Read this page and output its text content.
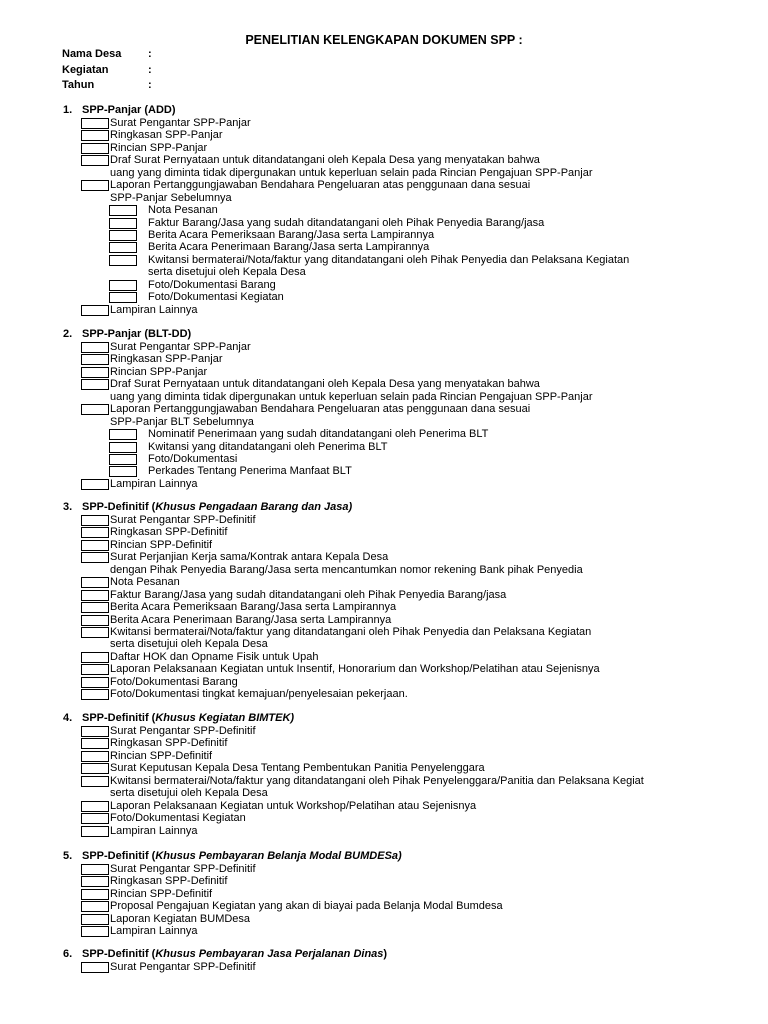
PENELITIAN KELENGKAPAN DOKUMEN SPP :
Nama Desa :
Kegiatan	:
Tahun	:
1. SPP-Panjar (ADD)
Surat Pengantar SPP-Panjar
Ringkasan SPP-Panjar
Rincian SPP-Panjar
Draf Surat Pernyataan untuk ditandatangani oleh Kepala Desa yang menyatakan bahwa
uang yang diminta tidak dipergunakan untuk keperluan selain pada Rincian Pengajuan SPP-Panjar
Laporan Pertanggungjawaban Bendahara Pengeluaran atas penggunaan dana sesuai
SPP-Panjar Sebelumnya
Nota Pesanan
Faktur Barang/Jasa yang sudah ditandatangani oleh Pihak Penyedia Barang/jasa
Berita Acara Pemeriksaan Barang/Jasa serta Lampirannya
Berita Acara Penerimaan Barang/Jasa serta Lampirannya
Kwitansi bermaterai/Nota/faktur yang ditandatangani oleh Pihak Penyedia dan Pelaksana Kegiatan
serta disetujui oleh Kepala Desa
Foto/Dokumentasi Barang
Foto/Dokumentasi Kegiatan
Lampiran Lainnya
2. SPP-Panjar (BLT-DD)
Surat Pengantar SPP-Panjar
Ringkasan SPP-Panjar
Rincian SPP-Panjar
Draf Surat Pernyataan untuk ditandatangani oleh Kepala Desa yang menyatakan bahwa
uang yang diminta tidak dipergunakan untuk keperluan selain pada Rincian Pengajuan SPP-Panjar
Laporan Pertanggungjawaban Bendahara Pengeluaran atas penggunaan dana sesuai
SPP-Panjar BLT Sebelumnya
Nominatif Penerimaan yang sudah ditandatangani oleh Penerima BLT
Kwitansi yang ditandatangani oleh Penerima BLT
Foto/Dokumentasi
Perkades Tentang Penerima Manfaat BLT
Lampiran Lainnya
3. SPP-Definitif (Khusus Pengadaan Barang dan Jasa)
Surat Pengantar SPP-Definitif
Ringkasan SPP-Definitif
Rincian SPP-Definitif
Surat Perjanjian Kerja sama/Kontrak antara Kepala Desa
dengan Pihak Penyedia Barang/Jasa serta mencantumkan nomor rekening Bank pihak Penyedia
Nota Pesanan
Faktur Barang/Jasa yang sudah ditandatangani oleh Pihak Penyedia Barang/jasa
Berita Acara Pemeriksaan Barang/Jasa serta Lampirannya
Berita Acara Penerimaan Barang/Jasa serta Lampirannya
Kwitansi bermaterai/Nota/faktur yang ditandatangani oleh Pihak Penyedia dan Pelaksana Kegiatan
serta disetujui oleh Kepala Desa
Daftar HOK dan Opname Fisik untuk Upah
Laporan Pelaksanaan Kegiatan untuk Insentif, Honorarium dan Workshop/Pelatihan atau Sejenisnya
Foto/Dokumentasi Barang
Foto/Dokumentasi tingkat kemajuan/penyelesaian pekerjaan.
4. SPP-Definitif (Khusus Kegiatan BIMTEK)
Surat Pengantar SPP-Definitif
Ringkasan SPP-Definitif
Rincian SPP-Definitif
Surat Keputusan Kepala Desa Tentang Pembentukan Panitia Penyelenggara
Kwitansi bermaterai/Nota/faktur yang ditandatangani oleh Pihak Penyelenggara/Panitia dan Pelaksana Kegiat
serta disetujui oleh Kepala Desa
Laporan Pelaksanaan Kegiatan untuk Workshop/Pelatihan atau Sejenisnya
Foto/Dokumentasi Kegiatan
Lampiran Lainnya
5. SPP-Definitif (Khusus Pembayaran Belanja Modal BUMDESa)
Surat Pengantar SPP-Definitif
Ringkasan SPP-Definitif
Rincian SPP-Definitif
Proposal Pengajuan Kegiatan yang akan di biayai pada Belanja Modal Bumdesa
Laporan Kegiatan BUMDesa
Lampiran Lainnya
6. SPP-Definitif (Khusus Pembayaran Jasa Perjalanan Dinas)
Surat Pengantar SPP-Definitif
